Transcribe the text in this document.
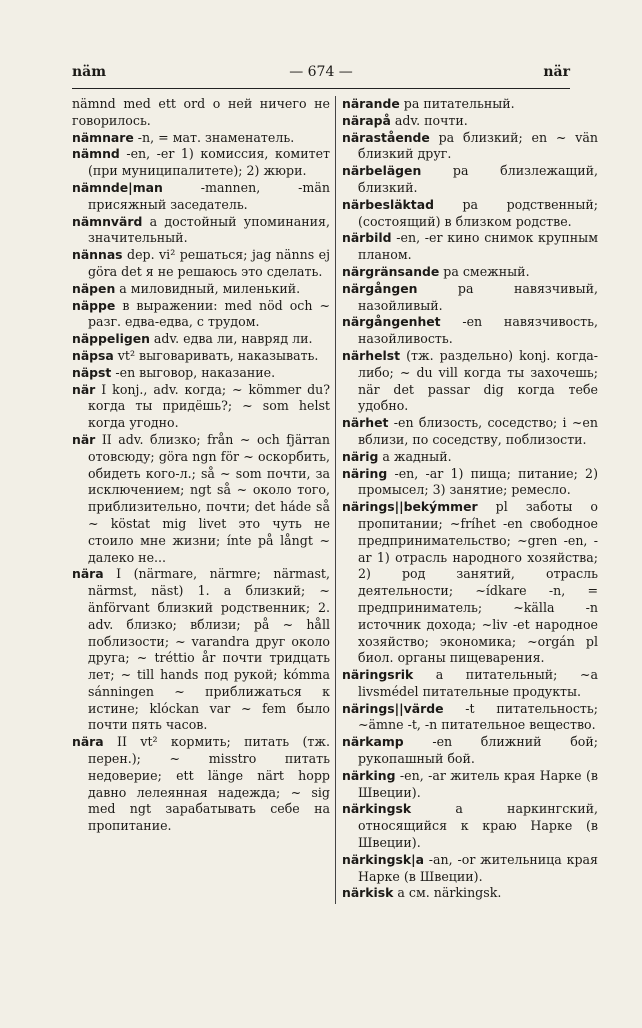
näm	— 674 —	när

nämnd med ett ord о ней ничего не говорилось.

nämnare -n, = мат. знаменатель.

nämnd -en, -er 1) комиссия, комитет (при муниципалитете); 2) жюри.

nämnde|man -mannen, -män присяжный заседатель.

nämnvärd a достойный упоминания, значительный.

nännas dep. vi² решаться; jag nänns ej göra det я не решаюсь это сделать.

näpen a миловидный, миленький.

näppe в выражении: med nöd och ~ разг. едва-едва, с трудом.

näppeligen adv. едва ли, навряд ли.

näpsa vt² выговаривать, наказывать.

näpst -en выговор, наказание.

när I konj., adv. когда; ~ kömmer du? когда ты придёшь?; ~ som helst когда угодно.

när II adv. близко; från ~ och fjärran отовсюду; göra ngn för ~ оскорбить, обидеть кого-л.; så ~ som почти, за исключением; ngt så ~ около того, приблизительно, почти; det háde så ~ köstat mig livet это чуть не стоило мне жизни; ínte på långt ~ далеко не...

nära I (närmare, närmre; närmast, närmst, näst) 1. a близкий; ~ änförvant близкий родственник; 2. adv. близко; вблизи; på ~ håll поблизости; ~ varandra друг около друга; ~ tréttio år почти тридцать лет; ~ till hands под рукой; kómma sánningen ~ приближаться к истине; klóckan var ~ fem было почти пять часов.

nära II vt² кормить; питать (тж. перен.); ~ misstro питать недоверие; ett länge närt hopp давно лелеянная надежда; ~ sig med ngt зарабатывать себе на пропитание.

närande pa питательный.

närapå adv. почти.

närastående pa близкий; en ~ vän близкий друг.

närbelägen pa близлежащий, близкий.

närbesläktad pa родственный; (состоящий) в близком родстве.

närbild -en, -er кино снимок крупным планом.

närgränsande pa смежный.

närgången pa навязчивый, назойливый.

närgångenhet -en навязчивость, назойливость.

närhelst (тж. раздельно) konj. когда-либо; ~ du vill когда ты захочешь; när det passar dig когда тебе удобно.

närhet -en близость, соседство; i ~en вблизи, по соседству, поблизости.

närig a жадный.

näring -en, -ar 1) пища; питание; 2) промысел; 3) занятие; ремесло.

närings||bekýmmer pl заботы о пропитании; ~fríhet -en свободное предпринимательство; ~gren -en, -ar 1) отрасль народного хозяйства; 2) род занятий, отрасль деятельности; ~ídkare -n, = предприниматель; ~källa -n источник дохода; ~liv -et народное хозяйство; экономика; ~orgán pl биол. органы пищеварения.

näringsrik a питательный; ~a livsmédel питательные продукты.

närings||värde -t питательность; ~ämne -t, -n питательное вещество.

närkamp -en ближний бой; рукопашный бой.

närking -en, -ar житель края Нарке (в Швеции).

närkingsk a наркингский, относящийся к краю Нарке (в Швеции).

närkingsk|a -an, -or жительница края Нарке (в Швеции).

närkisk a см. närkingsk.
